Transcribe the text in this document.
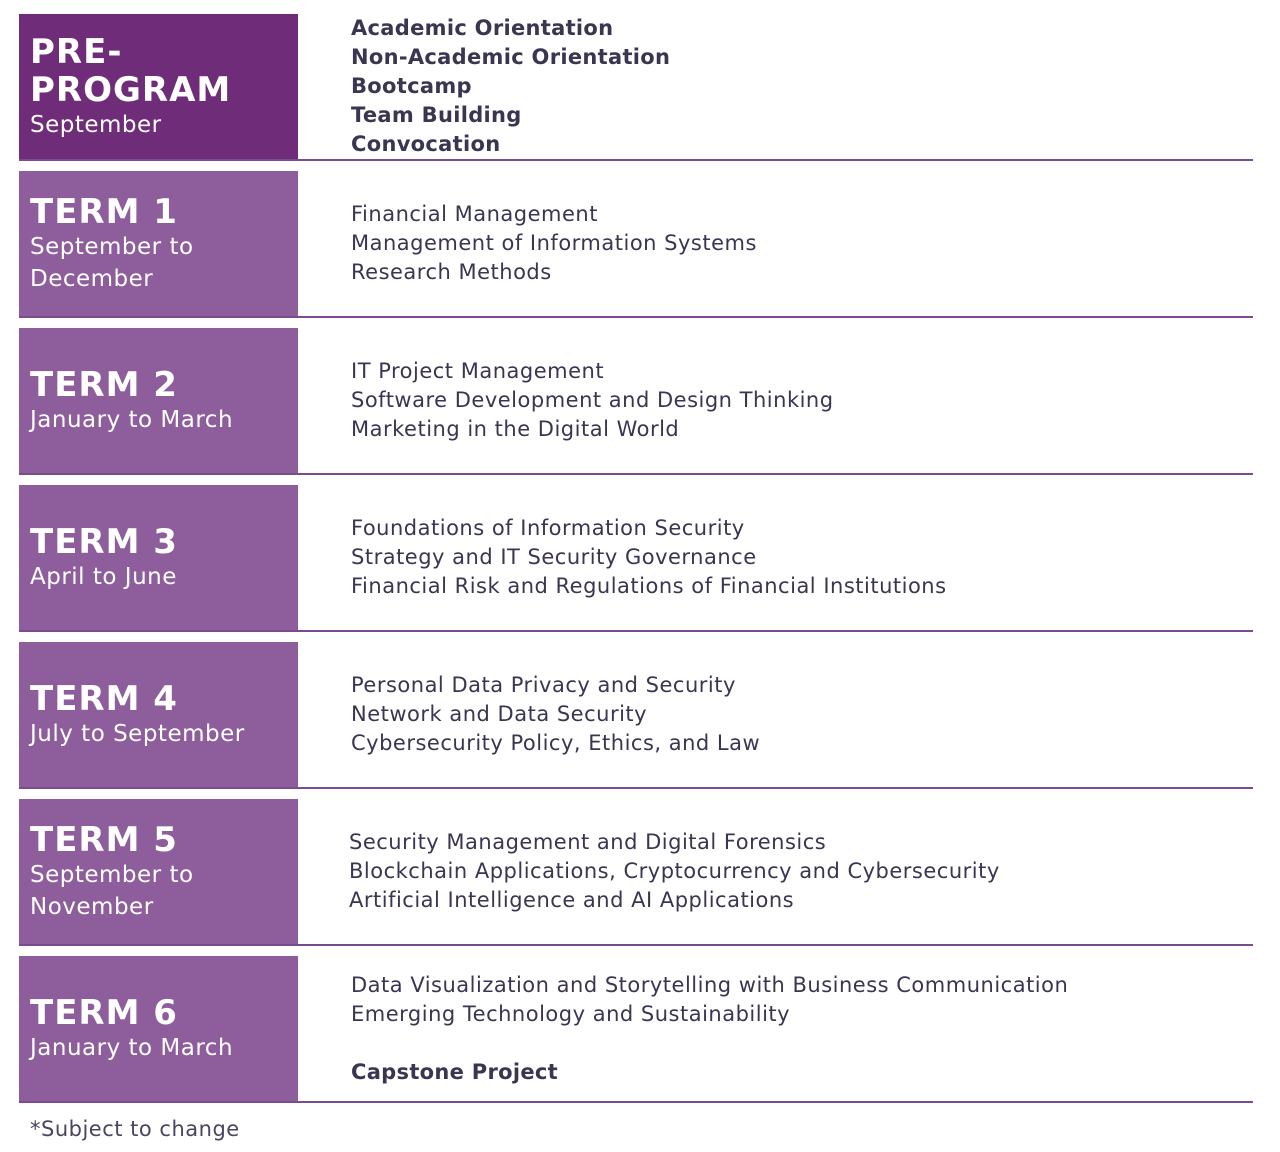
PRE-
PROGRAM
September
Academic Orientation
Non-Academic Orientation
Bootcamp
Team Building
Convocation
TERM 1
September to
December
Financial Management
Management of Information Systems
Research Methods
TERM 2
January to March
IT Project Management
Software Development and Design Thinking
Marketing in the Digital World
TERM 3
April to June
Foundations of Information Security
Strategy and IT Security Governance
Financial Risk and Regulations of Financial Institutions
TERM 4
July to September
Personal Data Privacy and Security
Network and Data Security
Cybersecurity Policy, Ethics, and Law
TERM 5
September to
November
Security Management and Digital Forensics
Blockchain Applications, Cryptocurrency and Cybersecurity
Artificial Intelligence and AI Applications
TERM 6
January to March
Data Visualization and Storytelling with Business Communication
Emerging Technology and Sustainability
Capstone Project
*Subject to change
